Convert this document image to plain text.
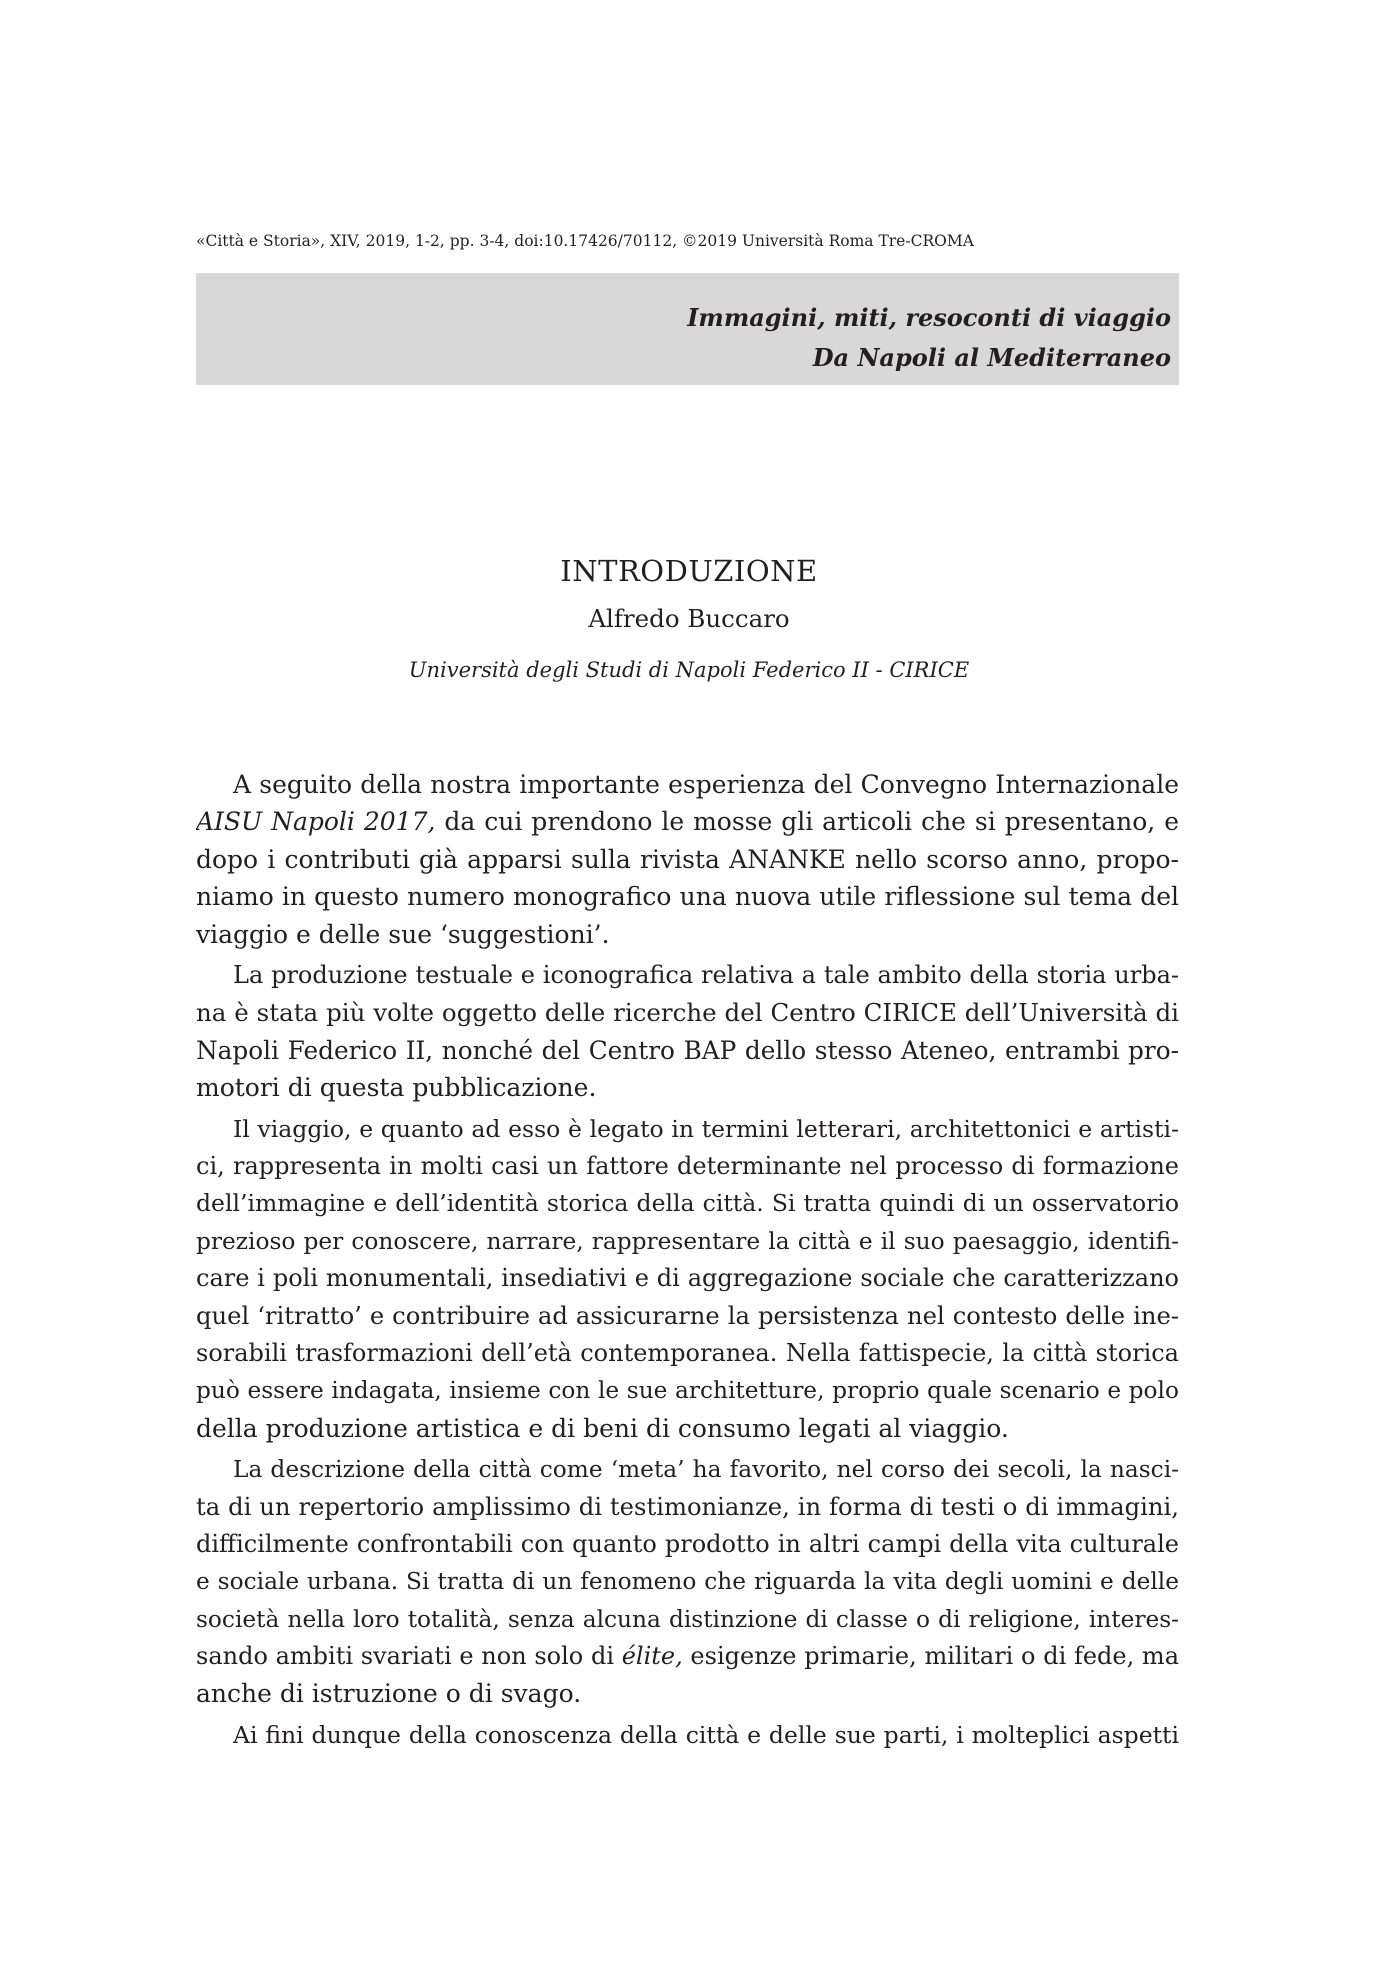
«Città e Storia», XIV, 2019, 1-2, pp. 3-4, doi:10.17426/70112, ©2019 Università Roma Tre-CROMA
Immagini, miti, resoconti di viaggio
Da Napoli al Mediterraneo
INTRODUZIONE
Alfredo Buccaro
Università degli Studi di Napoli Federico II - CIRICE
A seguito della nostra importante esperienza del Convegno Internazionale
AISU Napoli 2017, da cui prendono le mosse gli articoli che si presentano, e
dopo i contributi già apparsi sulla rivista ANANKE nello scorso anno, propo-
niamo in questo numero monografico una nuova utile riflessione sul tema del
viaggio e delle sue ‘suggestioni’.
La produzione testuale e iconografica relativa a tale ambito della storia urba-
na è stata più volte oggetto delle ricerche del Centro CIRICE dell’Università di
Napoli Federico II, nonché del Centro BAP dello stesso Ateneo, entrambi pro-
motori di questa pubblicazione.
Il viaggio, e quanto ad esso è legato in termini letterari, architettonici e artisti-
ci, rappresenta in molti casi un fattore determinante nel processo di formazione
dell’immagine e dell’identità storica della città. Si tratta quindi di un osservatorio
prezioso per conoscere, narrare, rappresentare la città e il suo paesaggio, identifi-
care i poli monumentali, insediativi e di aggregazione sociale che caratterizzano
quel ‘ritratto’ e contribuire ad assicurarne la persistenza nel contesto delle ine-
sorabili trasformazioni dell’età contemporanea. Nella fattispecie, la città storica
può essere indagata, insieme con le sue architetture, proprio quale scenario e polo
della produzione artistica e di beni di consumo legati al viaggio.
La descrizione della città come ‘meta’ ha favorito, nel corso dei secoli, la nasci-
ta di un repertorio amplissimo di testimonianze, in forma di testi o di immagini,
difficilmente confrontabili con quanto prodotto in altri campi della vita culturale
e sociale urbana. Si tratta di un fenomeno che riguarda la vita degli uomini e delle
società nella loro totalità, senza alcuna distinzione di classe o di religione, interes-
sando ambiti svariati e non solo di élite, esigenze primarie, militari o di fede, ma
anche di istruzione o di svago.
Ai fini dunque della conoscenza della città e delle sue parti, i molteplici aspetti
